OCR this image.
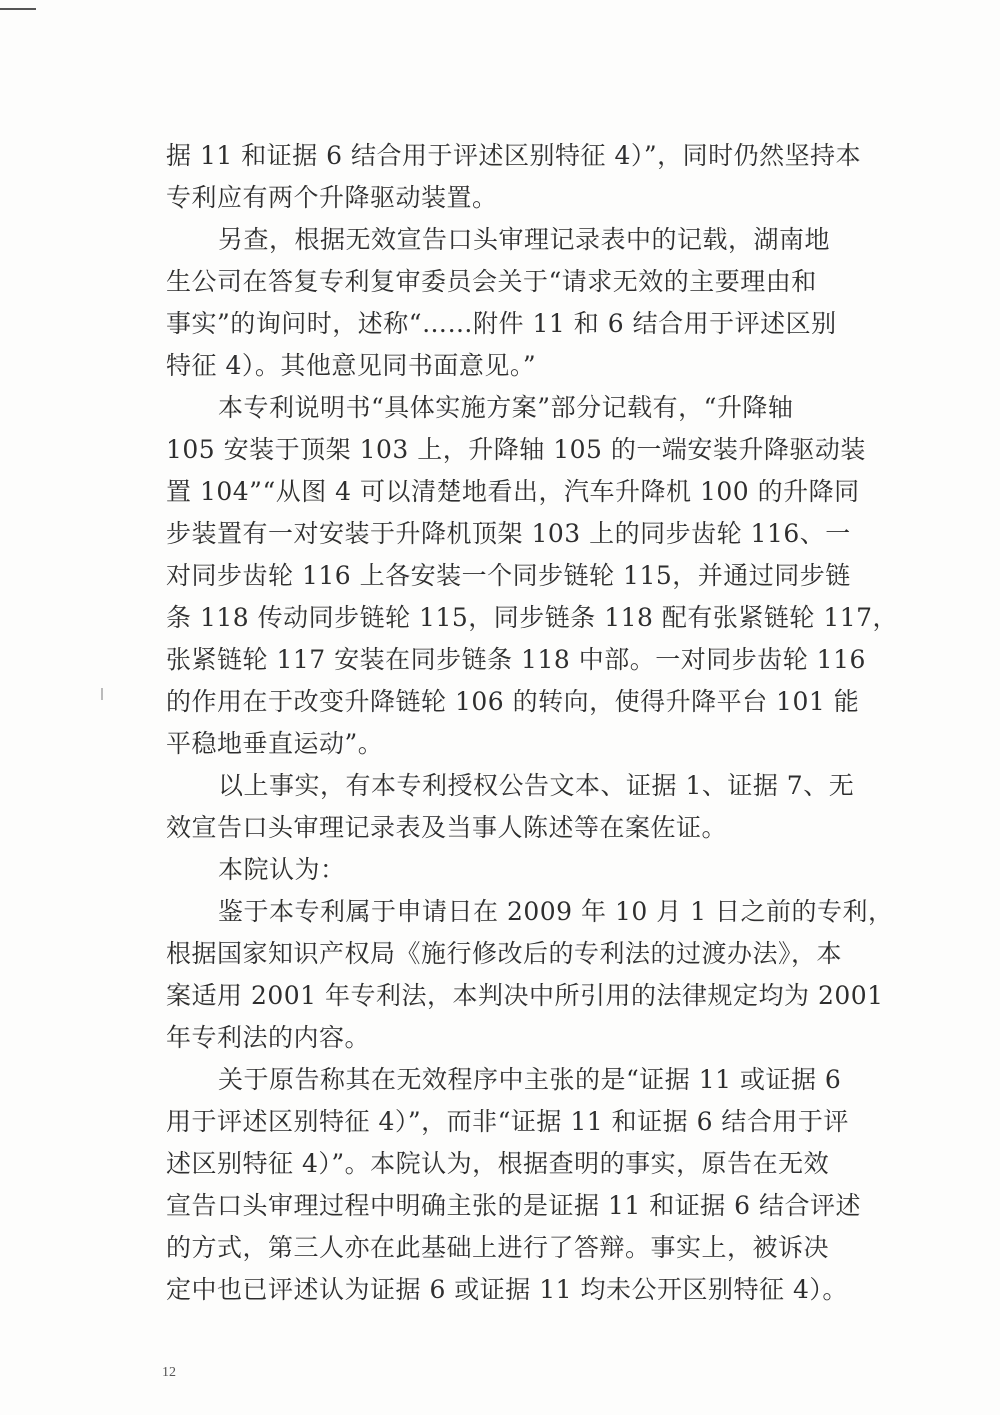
据 11 和证据 6 结合用于评述区别特征 4）”，同时仍然坚持本
专利应有两个升降驱动装置。
另查，根据无效宣告口头审理记录表中的记载，湖南地
生公司在答复专利复审委员会关于“请求无效的主要理由和
事实”的询问时，述称“……附件 11 和 6 结合用于评述区别
特征 4）。其他意见同书面意见。”
本专利说明书“具体实施方案”部分记载有，“升降轴
105 安装于顶架 103 上，升降轴 105 的一端安装升降驱动装
置 104”“从图 4 可以清楚地看出，汽车升降机 100 的升降同
步装置有一对安装于升降机顶架 103 上的同步齿轮 116、一
对同步齿轮 116 上各安装一个同步链轮 115，并通过同步链
条 118 传动同步链轮 115，同步链条 118 配有张紧链轮 117，
张紧链轮 117 安装在同步链条 118 中部。一对同步齿轮 116
的作用在于改变升降链轮 106 的转向，使得升降平台 101 能
平稳地垂直运动”。
以上事实，有本专利授权公告文本、证据 1、证据 7、无
效宣告口头审理记录表及当事人陈述等在案佐证。
本院认为：
鉴于本专利属于申请日在 2009 年 10 月 1 日之前的专利，
根据国家知识产权局《施行修改后的专利法的过渡办法》，本
案适用 2001 年专利法，本判决中所引用的法律规定均为 2001
年专利法的内容。
关于原告称其在无效程序中主张的是“证据 11 或证据 6
用于评述区别特征 4）”，而非“证据 11 和证据 6 结合用于评
述区别特征 4）”。本院认为，根据查明的事实，原告在无效
宣告口头审理过程中明确主张的是证据 11 和证据 6 结合评述
的方式，第三人亦在此基础上进行了答辩。事实上，被诉决
定中也已评述认为证据 6 或证据 11 均未公开区别特征 4）。
12
